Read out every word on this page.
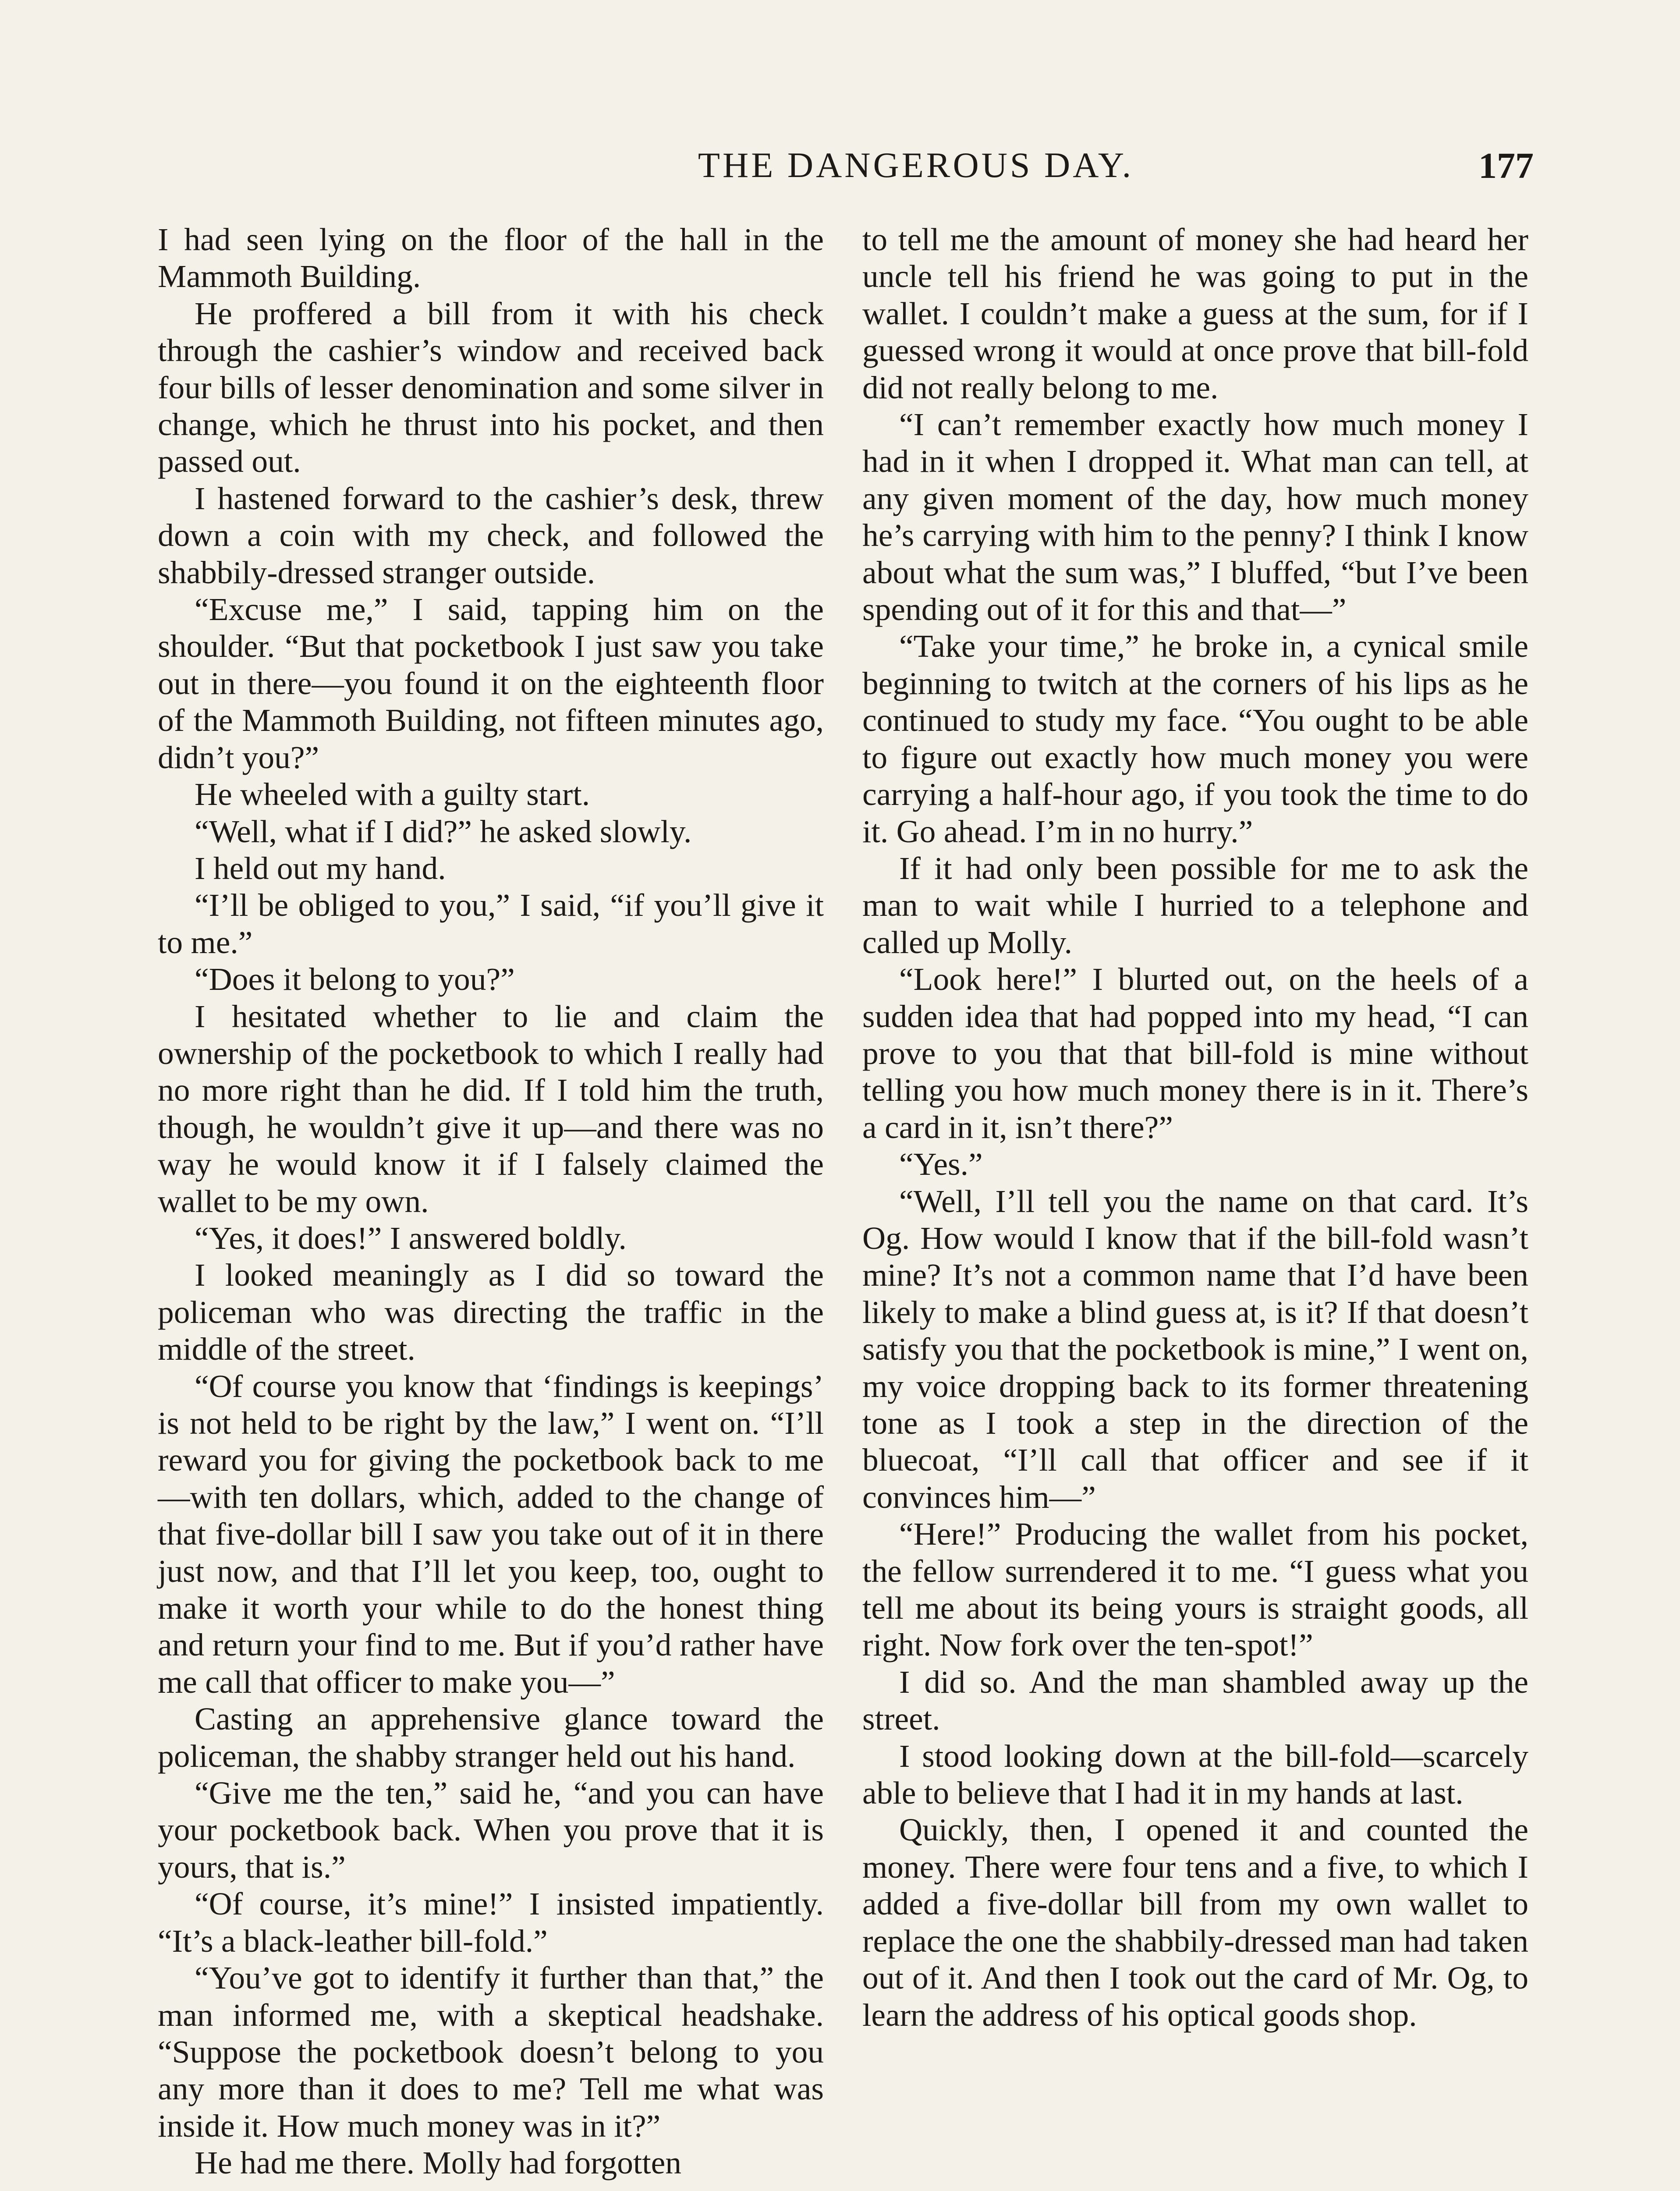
THE DANGEROUS DAY.	177

I had seen lying on the floor of the hall in the Mammoth Building.

He proffered a bill from it with his check through the cashier’s window and received back four bills of lesser denomination and some silver in change, which he thrust into his pocket, and then passed out.

I hastened forward to the cashier’s desk, threw down a coin with my check, and followed the shabbily-dressed stranger outside.

“Excuse me,” I said, tapping him on the shoulder. “But that pocketbook I just saw you take out in there—you found it on the eighteenth floor of the Mammoth Building, not fifteen minutes ago, didn’t you?”

He wheeled with a guilty start.

“Well, what if I did?” he asked slowly.

I held out my hand.

“I’ll be obliged to you,” I said, “if you’ll give it to me.”

“Does it belong to you?”

I hesitated whether to lie and claim the ownership of the pocketbook to which I really had no more right than he did. If I told him the truth, though, he wouldn’t give it up—and there was no way he would know it if I falsely claimed the wallet to be my own.

“Yes, it does!” I answered boldly.

I looked meaningly as I did so toward the policeman who was directing the traffic in the middle of the street.

“Of course you know that ‘findings is keepings’ is not held to be right by the law,” I went on. “I’ll reward you for giving the pocketbook back to me—with ten dollars, which, added to the change of that five-dollar bill I saw you take out of it in there just now, and that I’ll let you keep, too, ought to make it worth your while to do the honest thing and return your find to me. But if you’d rather have me call that officer to make you—”

Casting an apprehensive glance toward the policeman, the shabby stranger held out his hand.

“Give me the ten,” said he, “and you can have your pocketbook back. When you prove that it is yours, that is.”

“Of course, it’s mine!” I insisted impatiently. “It’s a black-leather bill-fold.”

“You’ve got to identify it further than that,” the man informed me, with a skeptical headshake. “Suppose the pocketbook doesn’t belong to you any more than it does to me? Tell me what was inside it. How much money was in it?”

He had me there. Molly had forgotten

to tell me the amount of money she had heard her uncle tell his friend he was going to put in the wallet. I couldn’t make a guess at the sum, for if I guessed wrong it would at once prove that bill-fold did not really belong to me.

“I can’t remember exactly how much money I had in it when I dropped it. What man can tell, at any given moment of the day, how much money he’s carrying with him to the penny? I think I know about what the sum was,” I bluffed, “but I’ve been spending out of it for this and that—”

“Take your time,” he broke in, a cynical smile beginning to twitch at the corners of his lips as he continued to study my face. “You ought to be able to figure out exactly how much money you were carrying a half-hour ago, if you took the time to do it. Go ahead. I’m in no hurry.”

If it had only been possible for me to ask the man to wait while I hurried to a telephone and called up Molly.

“Look here!” I blurted out, on the heels of a sudden idea that had popped into my head, “I can prove to you that that bill-fold is mine without telling you how much money there is in it. There’s a card in it, isn’t there?”

“Yes.”

“Well, I’ll tell you the name on that card. It’s Og. How would I know that if the bill-fold wasn’t mine? It’s not a common name that I’d have been likely to make a blind guess at, is it? If that doesn’t satisfy you that the pocketbook is mine,” I went on, my voice dropping back to its former threatening tone as I took a step in the direction of the bluecoat, “I’ll call that officer and see if it convinces him—”

“Here!” Producing the wallet from his pocket, the fellow surrendered it to me. “I guess what you tell me about its being yours is straight goods, all right. Now fork over the ten-spot!”

I did so. And the man shambled away up the street.

I stood looking down at the bill-fold—scarcely able to believe that I had it in my hands at last.

Quickly, then, I opened it and counted the money. There were four tens and a five, to which I added a five-dollar bill from my own wallet to replace the one the shabbily-dressed man had taken out of it. And then I took out the card of Mr. Og, to learn the address of his optical goods shop.
